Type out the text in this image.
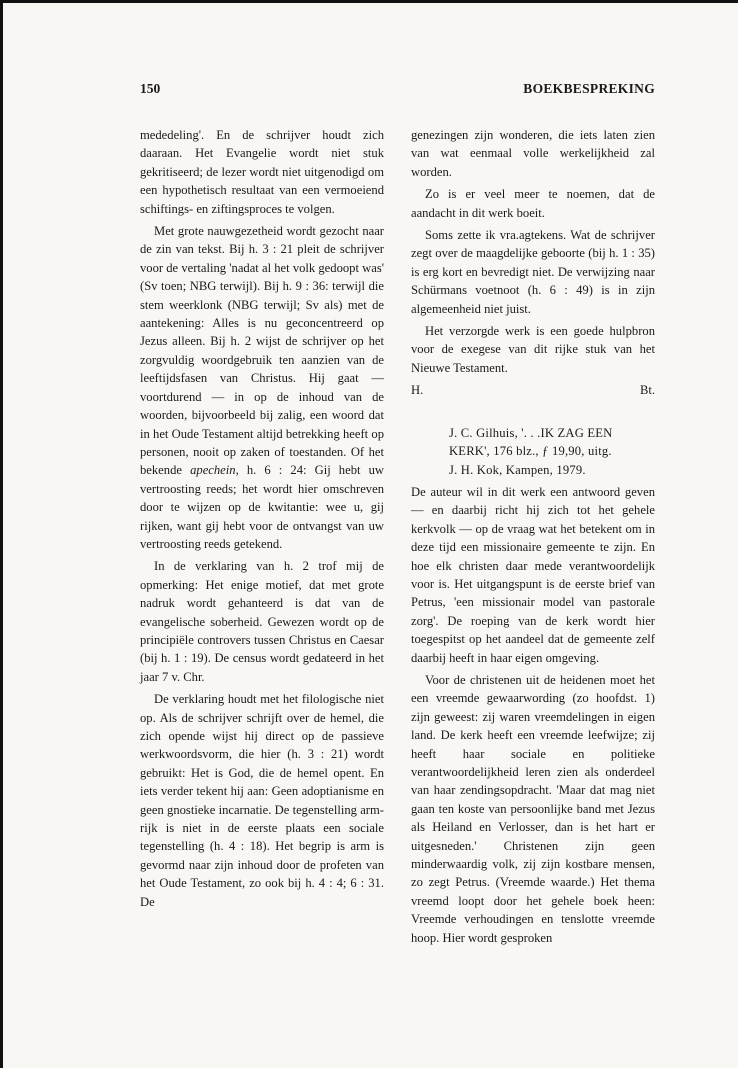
150	BOEKBESPREKING

mededeling'. En de schrijver houdt zich daaraan. Het Evangelie wordt niet stuk gekritiseerd; de lezer wordt niet uitgenodigd om een hypothetisch resultaat van een vermoeiend schiftings- en ziftingsproces te volgen.

Met grote nauwgezetheid wordt gezocht naar de zin van tekst. Bij h. 3 : 21 pleit de schrijver voor de vertaling 'nadat al het volk gedoopt was' (Sv toen; NBG terwijl). Bij h. 9 : 36: terwijl die stem weerklonk (NBG terwijl; Sv als) met de aantekening: Alles is nu geconcentreerd op Jezus alleen. Bij h. 2 wijst de schrijver op het zorgvuldig woordgebruik ten aanzien van de leeftijdsfasen van Christus. Hij gaat — voortdurend — in op de inhoud van de woorden, bijvoorbeeld bij zalig, een woord dat in het Oude Testament altijd betrekking heeft op personen, nooit op zaken of toestanden. Of het bekende apechein, h. 6 : 24: Gij hebt uw vertroosting reeds; het wordt hier omschreven door te wijzen op de kwitantie: wee u, gij rijken, want gij hebt voor de ontvangst van uw vertroosting reeds getekend.

In de verklaring van h. 2 trof mij de opmerking: Het enige motief, dat met grote nadruk wordt gehanteerd is dat van de evangelische soberheid. Gewezen wordt op de principiële controvers tussen Christus en Caesar (bij h. 1 : 19). De census wordt gedateerd in het jaar 7 v. Chr.

De verklaring houdt met het filologische niet op. Als de schrijver schrijft over de hemel, die zich opende wijst hij direct op de passieve werkwoordsvorm, die hier (h. 3 : 21) wordt gebruikt: Het is God, die de hemel opent. En iets verder tekent hij aan: Geen adoptianisme en geen gnostieke incarnatie. De tegenstelling arm-rijk is niet in de eerste plaats een sociale tegenstelling (h. 4 : 18). Het begrip is arm is gevormd naar zijn inhoud door de profeten van het Oude Testament, zo ook bij h. 4 : 4; 6 : 31. De

genezingen zijn wonderen, die iets laten zien van wat eenmaal volle werkelijkheid zal worden.

Zo is er veel meer te noemen, dat de aandacht in dit werk boeit.

Soms zette ik vra.agtekens. Wat de schrijver zegt over de maagdelijke geboorte (bij h. 1 : 35) is erg kort en bevredigt niet. De verwijzing naar Schürmans voetnoot (h. 6 : 49) is in zijn algemeenheid niet juist.

Het verzorgde werk is een goede hulpbron voor de exegese van dit rijke stuk van het Nieuwe Testament.

H.	Bt.
J. C. Gilhuis, '. . .IK ZAG EEN
KERK', 176 blz., ƒ 19,90, uitg.
J. H. Kok, Kampen, 1979.

De auteur wil in dit werk een antwoord geven — en daarbij richt hij zich tot het gehele kerkvolk — op de vraag wat het betekent om in deze tijd een missionaire gemeente te zijn. En hoe elk christen daar mede verantwoordelijk voor is. Het uitgangspunt is de eerste brief van Petrus, 'een missionair model van pastorale zorg'. De roeping van de kerk wordt hier toegespitst op het aandeel dat de gemeente zelf daarbij heeft in haar eigen omgeving.

Voor de christenen uit de heidenen moet het een vreemde gewaarwording (zo hoofdst. 1) zijn geweest: zij waren vreemdelingen in eigen land. De kerk heeft een vreemde leefwijze; zij heeft haar sociale en politieke verantwoordelijkheid leren zien als onderdeel van haar zendingsopdracht. 'Maar dat mag niet gaan ten koste van persoonlijke band met Jezus als Heiland en Verlosser, dan is het hart er uitgesneden.' Christenen zijn geen minderwaardig volk, zij zijn kostbare mensen, zo zegt Petrus. (Vreemde waarde.) Het thema vreemd loopt door het gehele boek heen: Vreemde verhoudingen en tenslotte vreemde hoop. Hier wordt gesproken
